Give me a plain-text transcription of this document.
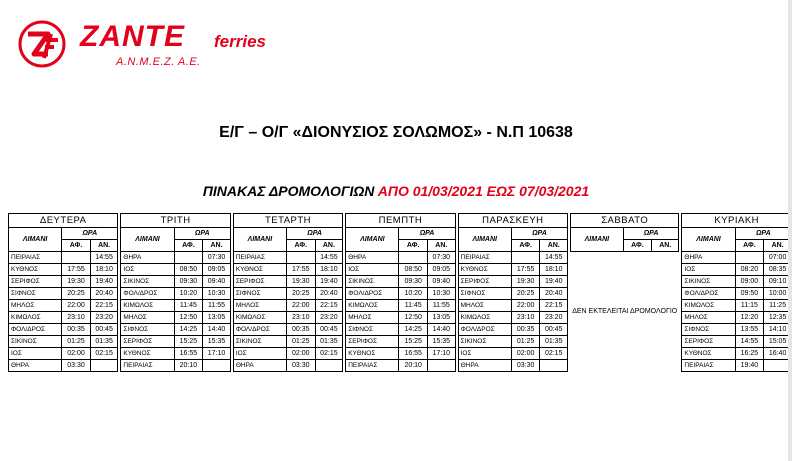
ZANTE ferries
Α.Ν.Μ.Ε.Ζ. Α.Ε.
Ε/Γ – Ο/Γ «ΔΙΟΝΥΣΙΟΣ ΣΟΛΩΜΟΣ» - Ν.Π 10638
ΠΙΝΑΚΑΣ ΔΡΟΜΟΛΟΓΙΩΝ ΑΠΟ 01/03/2021 ΕΩΣ 07/03/2021
ΔΕΥΤΕΡΑ				ΤΡΙΤΗ				ΤΕΤΑΡΤΗ				ΠΕΜΠΤΗ				ΠΑΡΑΣΚΕΥΗ				ΣΑΒΒΑΤΟ				ΚΥΡΙΑΚΗ		
ΛΙΜΑΝΙ	ΩΡΑ			ΛΙΜΑΝΙ	ΩΡΑ			ΛΙΜΑΝΙ	ΩΡΑ			ΛΙΜΑΝΙ	ΩΡΑ			ΛΙΜΑΝΙ	ΩΡΑ			ΛΙΜΑΝΙ	ΩΡΑ			ΛΙΜΑΝΙ	ΩΡΑ	
	ΑΦ.	ΑΝ.			ΑΦ.	ΑΝ.			ΑΦ.	ΑΝ.			ΑΦ.	ΑΝ.			ΑΦ.	ΑΝ.			ΑΦ.	ΑΝ.			ΑΦ.	ΑΝ.
ΠΕΙΡΑΙΑΣ		14:55		ΘΗΡΑ		07:30		ΠΕΙΡΑΙΑΣ		14:55		ΘΗΡΑ		07:30		ΠΕΙΡΑΙΑΣ		14:55		ΔΕΝ ΕΚΤΕΛΕΙΤΑΙ ΔΡΟΜΟΛΟΓΙΟ				ΘΗΡΑ		07:00
ΚΥΘΝΟΣ	17:55	18:10		ΙΟΣ	08:50	09:05		ΚΥΘΝΟΣ	17:55	18:10		ΙΟΣ	08:50	09:05		ΚΥΘΝΟΣ	17:55	18:10						ΙΟΣ	08:20	08:35
ΣΕΡΙΦΟΣ	19:30	19:40		ΣΙΚΙΝΟΣ	09:30	09:40		ΣΕΡΙΦΟΣ	19:30	19:40		ΣΙΚΙΝΟΣ	09:30	09:40		ΣΕΡΙΦΟΣ	19:30	19:40						ΣΙΚΙΝΟΣ	09:00	09:10
ΣΙΦΝΟΣ	20:25	20:40		ΦΟΛ/ΔΡΟΣ	10:20	10:30		ΣΙΦΝΟΣ	20:25	20:40		ΦΟΛ/ΔΡΟΣ	10:20	10:30		ΣΙΦΝΟΣ	20:25	20:40						ΦΟΛ/ΔΡΟΣ	09:50	10:00
ΜΗΛΟΣ	22:00	22:15		ΚΙΜΩΛΟΣ	11:45	11:55		ΜΗΛΟΣ	22:00	22:15		ΚΙΜΩΛΟΣ	11:45	11:55		ΜΗΛΟΣ	22:00	22:15						ΚΙΜΩΛΟΣ	11:15	11:25
ΚΙΜΩΛΟΣ	23:10	23:20		ΜΗΛΟΣ	12:50	13:05		ΚΙΜΩΛΟΣ	23:10	23:20		ΜΗΛΟΣ	12:50	13:05		ΚΙΜΩΛΟΣ	23:10	23:20						ΜΗΛΟΣ	12:20	12:35
ΦΟΛ/ΔΡΟΣ	00:35	00:45		ΣΙΦΝΟΣ	14:25	14:40		ΦΟΛ/ΔΡΟΣ	00:35	00:45		ΣΙΦΝΟΣ	14:25	14:40		ΦΟΛ/ΔΡΟΣ	00:35	00:45						ΣΙΦΝΟΣ	13:55	14:10
ΣΙΚΙΝΟΣ	01:25	01:35		ΣΕΡΙΦΟΣ	15:25	15:35		ΣΙΚΙΝΟΣ	01:25	01:35		ΣΕΡΙΦΟΣ	15:25	15:35		ΣΙΚΙΝΟΣ	01:25	01:35						ΣΕΡΙΦΟΣ	14:55	15:05
ΙΟΣ	02:00	02:15		ΚΥΘΝΟΣ	16:55	17:10		ΙΟΣ	02:00	02:15		ΚΥΘΝΟΣ	16:55	17:10		ΙΟΣ	02:00	02:15						ΚΥΘΝΟΣ	16:25	16:40
ΘΗΡΑ	03:30			ΠΕΙΡΑΙΑΣ	20:10			ΘΗΡΑ	03:30			ΠΕΙΡΑΙΑΣ	20:10			ΘΗΡΑ	03:30							ΠΕΙΡΑΙΑΣ	19:40	
